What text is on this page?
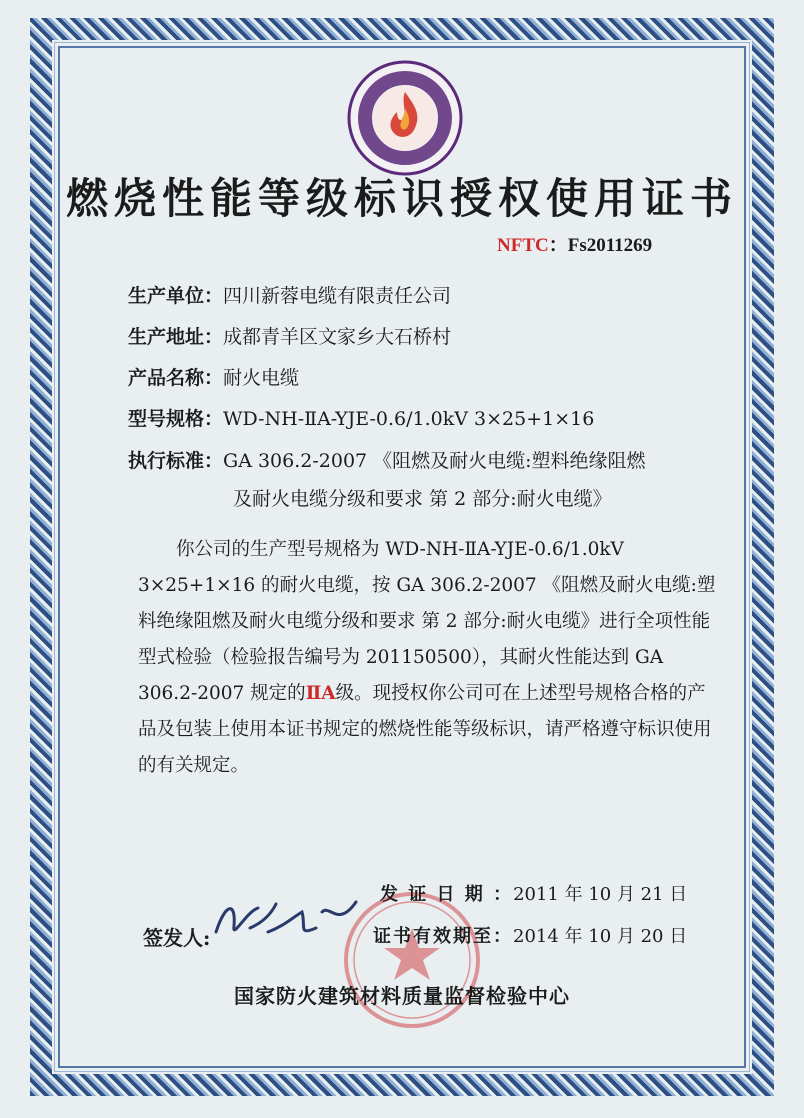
燃烧性能等级标识授权使用证书
NFTC：Fs2011269
生产单位：四川新蓉电缆有限责任公司
生产地址：成都青羊区文家乡大石桥村
产品名称：耐火电缆
型号规格：WD-NH-ⅡA-YJE-0.6/1.0kV 3×25+1×16
执行标准：GA 306.2-2007 《阻燃及耐火电缆:塑料绝缘阻燃
及耐火电缆分级和要求 第 2 部分:耐火电缆》
你公司的生产型号规格为 WD-NH-ⅡA-YJE-0.6/1.0kV 3×25+1×16 的耐火电缆，按 GA 306.2-2007 《阻燃及耐火电缆:塑料绝缘阻燃及耐火电缆分级和要求 第 2 部分:耐火电缆》进行全项性能型式检验（检验报告编号为 201150500），其耐火性能达到 GA 306.2-2007 规定的ⅡA级。现授权你公司可在上述型号规格合格的产品及包装上使用本证书规定的燃烧性能等级标识，请严格遵守标识使用的有关规定。
签发人:
发 证 日 期 ：2011 年 10 月 21 日
证书有效期至：2014 年 10 月 20 日
国家防火建筑材料质量监督检验中心
